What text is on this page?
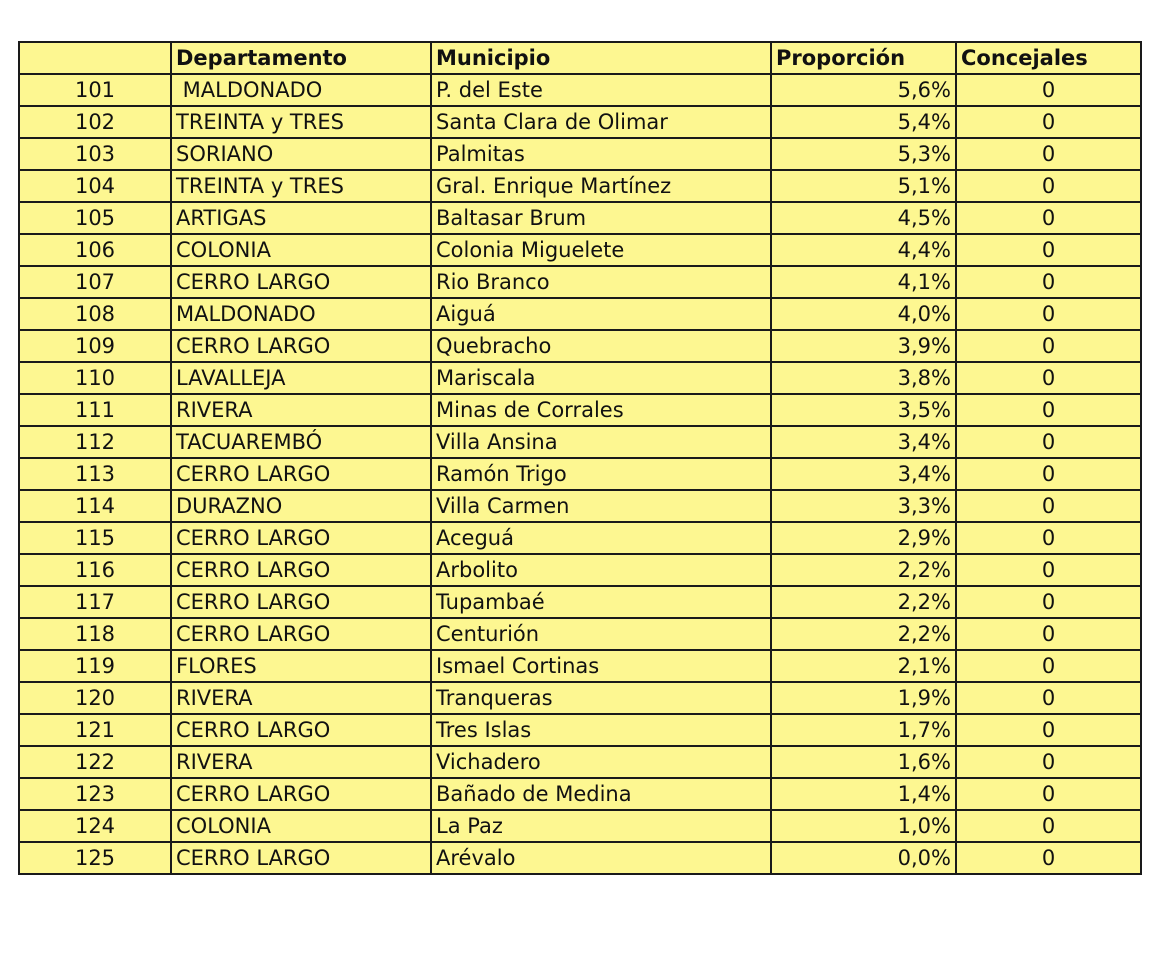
	Departamento	Municipio	Proporción	Concejales
101	MALDONADO	P. del Este	5,6%	0
102	TREINTA y TRES	Santa Clara de Olimar	5,4%	0
103	SORIANO	Palmitas	5,3%	0
104	TREINTA y TRES	Gral. Enrique Martínez	5,1%	0
105	ARTIGAS	Baltasar Brum	4,5%	0
106	COLONIA	Colonia Miguelete	4,4%	0
107	CERRO LARGO	Rio Branco	4,1%	0
108	MALDONADO	Aiguá	4,0%	0
109	CERRO LARGO	Quebracho	3,9%	0
110	LAVALLEJA	Mariscala	3,8%	0
111	RIVERA	Minas de Corrales	3,5%	0
112	TACUAREMBÓ	Villa Ansina	3,4%	0
113	CERRO LARGO	Ramón Trigo	3,4%	0
114	DURAZNO	Villa Carmen	3,3%	0
115	CERRO LARGO	Aceguá	2,9%	0
116	CERRO LARGO	Arbolito	2,2%	0
117	CERRO LARGO	Tupambaé	2,2%	0
118	CERRO LARGO	Centurión	2,2%	0
119	FLORES	Ismael Cortinas	2,1%	0
120	RIVERA	Tranqueras	1,9%	0
121	CERRO LARGO	Tres Islas	1,7%	0
122	RIVERA	Vichadero	1,6%	0
123	CERRO LARGO	Bañado de Medina	1,4%	0
124	COLONIA	La Paz	1,0%	0
125	CERRO LARGO	Arévalo	0,0%	0
